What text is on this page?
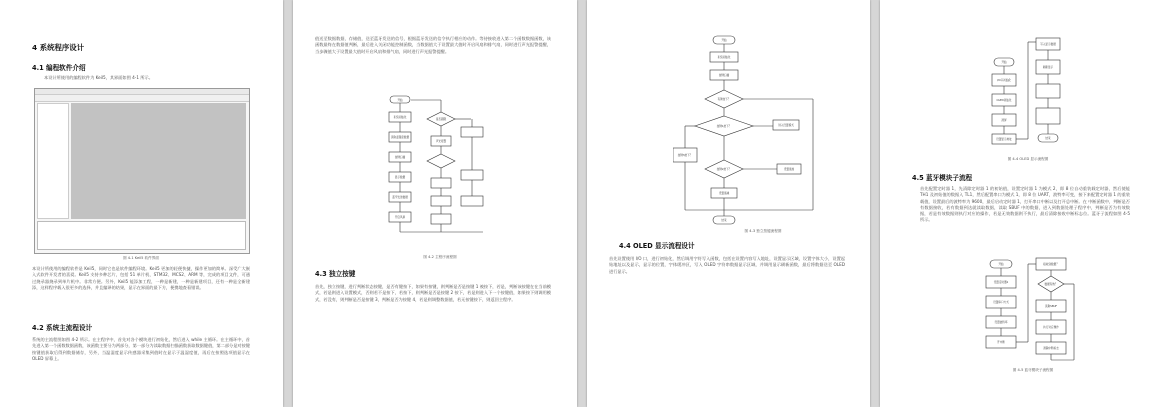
4 系统程序设计
4.1 编程软件介绍
本设计所使用的编程软件为 Keil5，其界面如图 4-1 所示。
图 4-1 Keil5 软件界面
本设计所使用的编程软件是 Keil5，同时它也是软件编程环境。Keil5 更加的轻便快捷，操作更加的简单。深受广大嵌入式软件开发者的喜爱。Keil5 支持多种芯片，包括 51 单片机、STM32、MCS2、ARM 等，完成的项目文件，可通过烧录器烧录到单片机中。非常方便。另外，Keil5 能添加工程，一种是新建，一种是新建项目，还有一种是全新建添，这样程序载入很更多的选择，并且编译的结果，显示在界面的最下方，便携地查看错误。
4.2 系统主流程设计
系统的主流程图如图 4-2 所示。在主程序中，首先对各个模块进行初始化，然后进入 while 主循环。在主循环中，首先进入第一个函数数据函数，该函数主要分为两部分，第一部分为读取数据扫描函数获取数据键值，第二部分是对按键按键值获取后得到数据储存，另外，当温湿度显示传感器采集到值时在显示于温湿度值，再后在按照选项值显示在 OLED 屏幕上。
值送至数据数据，存储值，送至蓝牙发送的信号，根据蓝牙发送的信令执行相应的动作。等待接收进入第二个函数数据函数，该函数最终在数据值判断，最后进入关闭功能控制函数，当数据值大于设置最大值时开启风扇和排气扇，同时进行声光报警提醒，当步骤值大于设置最大值时开启风扇和排气扇，同时进行声光报警提醒。
开始
系统初始化
读取温湿度数据
按键扫描
显示数据
蓝牙发送数据
开启风扇
是否超限
声光报警
图 4-2 主程序流程图
4.3 独立按键
首先，独立按键，进行判断状态按键，是否有键按下，如果有按键，则判断是否是按键 1 被按下，若是，判断该按键在在当前模式，若是则进入设置模式，否则若不是按下，若按下，则判断是否是按键 2 按下，若是则进入下一个按键值，如果按下则调用模式，若没有，则判断是否是按键 3，判断是否为按键 4，若是则调整数据值，若无按键按下，则返回主程序。
开始
系统初始化
按键扫描
有键按下？
按键1按下？	进入设置模式
按键2按下？	设置值加
设置值减
按键3按下？
结束
图 4-3 独立按键流程图
4.4 OLED 显示流程设计
首先设置使用 I/O 口，进行初始化，然后调用字符写入函数，包括在设置内容写入地址，设置显示区域，设置字体大小，设置起始地址以及显示，显示的位置，字体缓冲区，写入 OLED 字符串数据显示区域，并调用显示刷新函数，最后将数据送至 OLED 进行显示。
开始
I/O口初始化
OLED初始化
清屏
设置显示地址
写入显示数据
刷新显示
结束
图 4-4 OLED 显示流程图
4.5 蓝牙模块子流程
首先配置定时器 1，先清除定时器 1 的初始值，设置定时器 1 为模式 2，即 8 位自动重装载定时器，然后使能 TH1 及初始值的数据入 TL1，然后配置串口为模式 1，即 8 位 UART，波特率可变，接下来配置定时器 1 的重装载值，设置最后的波特率为 9600，最后启动定时器 1，打开串口中断以及打开总中断。在 中断函数中，判断是否有数据接收，若有数据到达就读取数据，读取 SBUF 中的数据，进入到数据处理子程序中，判断是否为有效数据，若是有效数据则执行对应的操作，若是无效数据则不执行，最后清除接收中断标志位。蓝牙子流程如图 4-5 所示。
开始
设置定时器1
设置串口方式
设置波特率
开中断
接收到数据？
数据有效？
读取SBUF
执行对应操作
清除中断标志
图 4-5 蓝牙模块子流程图
